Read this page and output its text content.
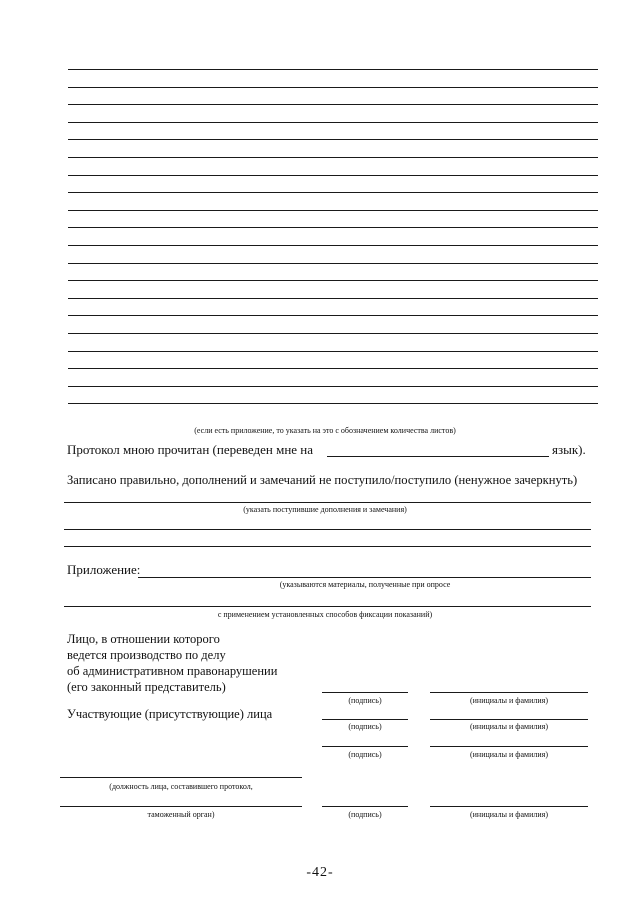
(если есть приложение, то указать на это с обозначением количества листов)
Протокол мною прочитан (переведен мне на	язык).
Записано правильно, дополнений и замечаний не поступило/поступило (ненужное зачеркнуть)
(указать поступившие дополнения и замечания)
Приложение:
(указываются материалы, полученные при опросе
с применением установленных способов фиксации показаний)
Лицо, в отношении которого
ведется производство по делу
об административном правонарушении
(его законный представитель)
(подпись)	(инициалы и фамилия)
Участвующие (присутствующие) лица
(подпись)	(инициалы и фамилия)
(подпись)	(инициалы и фамилия)
(должность лица, составившего протокол,
таможенный орган)	(подпись)	(инициалы и фамилия)
-42-
